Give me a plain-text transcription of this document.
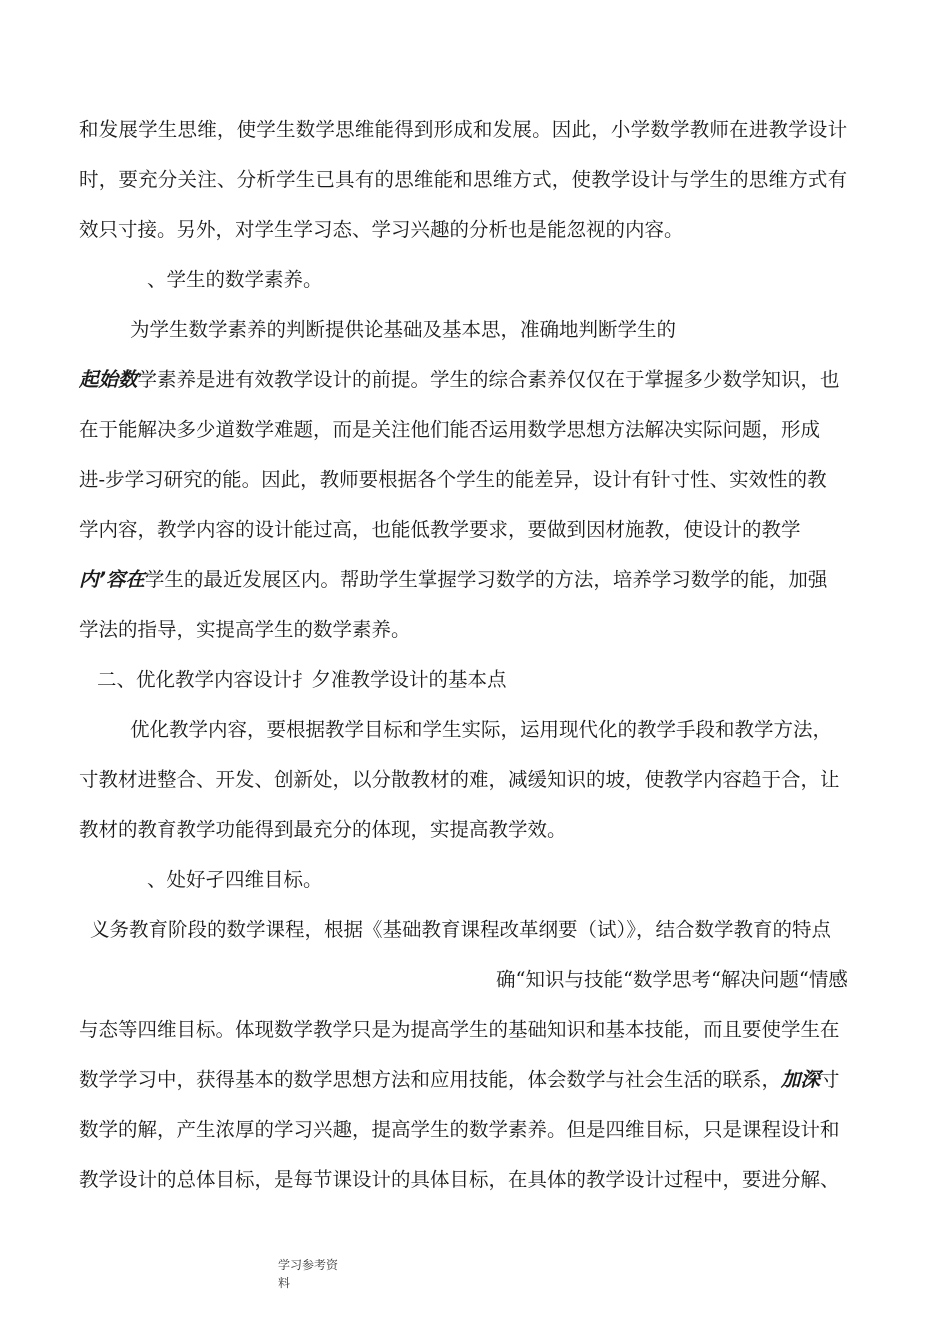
和发展学生思维，使学生数学思维能得到形成和发展。因此，小学数学教师在进教学设计
时，要充分关注、分析学生已具有的思维能和思维方式，使教学设计与学生的思维方式有
效只寸接。另外，对学生学习态、学习兴趣的分析也是能忽视的内容。
、学生的数学素养。
为学生数学素养的判断提供论基础及基本思，准确地判断学生的
起始数学素养是进有效教学设计的前提。学生的综合素养仅仅在于掌握多少数学知识，也
在于能解决多少道数学难题，而是关注他们能否运用数学思想方法解决实际问题，形成
进-步学习研究的能。因此，教师要根据各个学生的能差异，设计有针寸性、实效性的教
学内容，教学内容的设计能过高，也能低教学要求，要做到因材施教，使设计的教学
内’容在学生的最近发展区内。帮助学生掌握学习数学的方法，培养学习数学的能，加强
学法的指导，实提高学生的数学素养。
二、优化教学内容设计扌夕准教学设计的基本点
优化教学内容，要根据教学目标和学生实际，运用现代化的教学手段和教学方法，
寸教材进整合、开发、创新处，以分散教材的难，减缓知识的坡，使教学内容趋于合，让
教材的教育教学功能得到最充分的体现，实提高教学效。
、处好孑四维目标。
义务教育阶段的数学课程，根据《基础教育课程改革纲要（试）》，结合数学教育的特点
确“知识与技能“数学思考“解决问题“情感
与态等四维目标。体现数学教学只是为提高学生的基础知识和基本技能，而且要使学生在
数学学习中，获得基本的数学思想方法和应用技能，体会数学与社会生活的联系，加深寸
数学的解，产生浓厚的学习兴趣，提高学生的数学素养。但是四维目标，只是课程设计和
教学设计的总体目标，是每节课设计的具体目标，在具体的教学设计过程中，要进分解、
学习参考资
料
